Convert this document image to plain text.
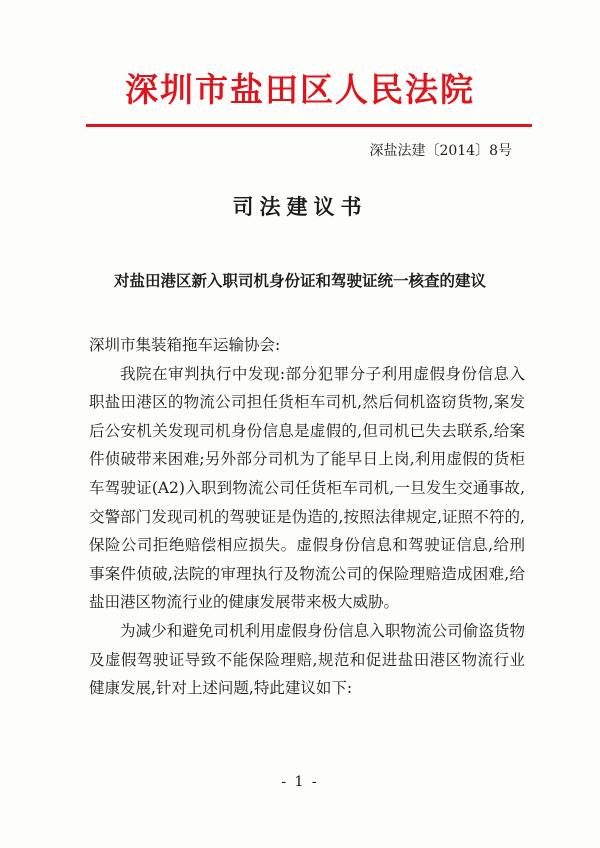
深圳市盐田区人民法院
深盐法建〔2014〕8号
司法建议书
对盐田港区新入职司机身份证和驾驶证统一核查的建议

深圳市集装箱拖车运输协会:

我院在审判执行中发现:部分犯罪分子利用虚假身份信息入职盐田港区的物流公司担任货柜车司机,然后伺机盗窃货物,案发后公安机关发现司机身份信息是虚假的,但司机已失去联系,给案件侦破带来困难;另外部分司机为了能早日上岗,利用虚假的货柜车驾驶证(A2)入职到物流公司任货柜车司机,一旦发生交通事故,交警部门发现司机的驾驶证是伪造的,按照法律规定,证照不符的,保险公司拒绝赔偿相应损失。虚假身份信息和驾驶证信息,给刑事案件侦破,法院的审理执行及物流公司的保险理赔造成困难,给盐田港区物流行业的健康发展带来极大威胁。

为减少和避免司机利用虚假身份信息入职物流公司偷盗货物及虚假驾驶证导致不能保险理赔,规范和促进盐田港区物流行业健康发展,针对上述问题,特此建议如下:

- 1 -
